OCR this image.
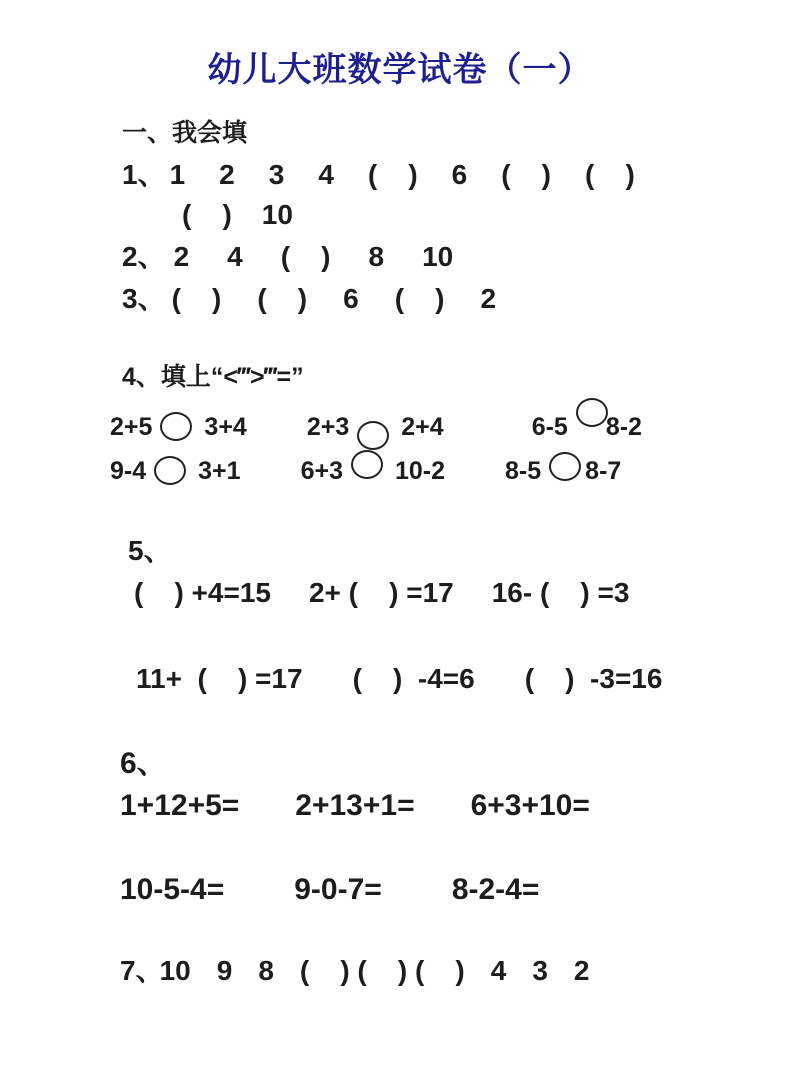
幼儿大班数学试卷（一）
一、我会填
1、 1 2 3 4 (    ) 6 (    ) (    )
(    ) 10
2、 2 4 (    ) 8 10
3、 (    ) (    ) 6 (    ) 2
4、填上“<‴>‴=”
2+5 3+4 2+3 2+4	6-5 8-2
9-4 3+1 6+3 10-2 8-5 8-7
5、
(    ) +4=15 2+ (    ) =17 16- (    ) =3
11+  (    ) =17 (    )  -4=6 (    )  -3=16
6、
1+12+5= 2+13+1= 6+3+10=
10-5-4= 9-0-7= 8-2-4=
7、
10 9 8 (    ) (    ) (    ) 4 3 2
